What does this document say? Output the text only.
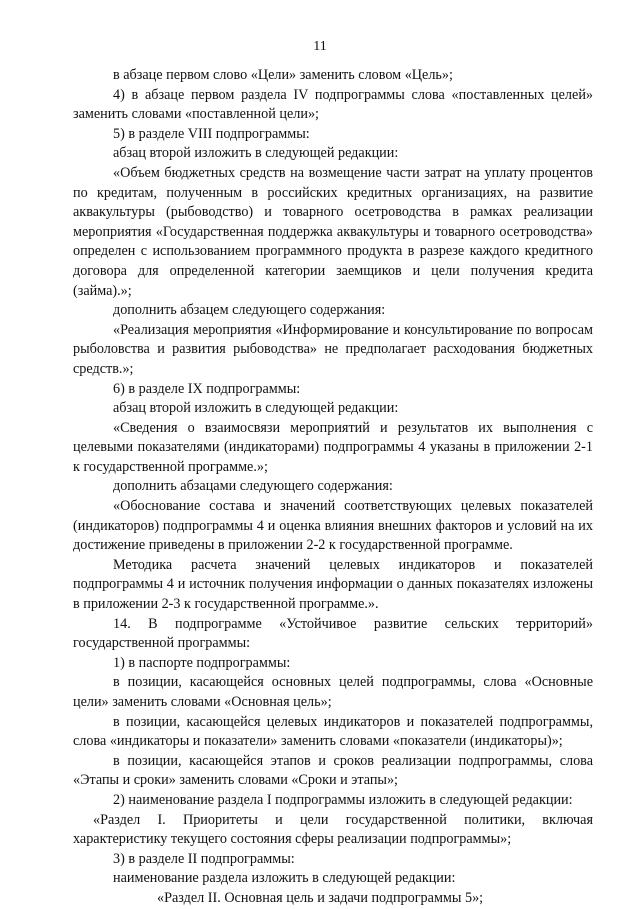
11

в абзаце первом слово «Цели» заменить словом «Цель»;

4) в абзаце первом раздела IV подпрограммы слова «поставленных целей» заменить словами «поставленной цели»;

5) в разделе VIII подпрограммы:

абзац второй изложить в следующей редакции:

«Объем бюджетных средств на возмещение части затрат на уплату процентов по кредитам, полученным в российских кредитных организациях, на развитие аквакультуры (рыбоводство) и товарного осетроводства в рамках реализации мероприятия «Государственная поддержка аквакультуры и товарного осетроводства» определен с использованием программного продукта в разрезе каждого кредитного договора для определенной категории заемщиков и цели получения кредита (займа).»;

дополнить абзацем следующего содержания:

«Реализация мероприятия «Информирование и консультирование по вопросам рыболовства и развития рыбоводства» не предполагает расходования бюджетных средств.»;

6) в разделе IX подпрограммы:

абзац второй изложить в следующей редакции:

«Сведения о взаимосвязи мероприятий и результатов их выполнения с целевыми показателями (индикаторами) подпрограммы 4 указаны в приложении 2-1 к государственной программе.»;

дополнить абзацами следующего содержания:

«Обоснование состава и значений соответствующих целевых показателей (индикаторов) подпрограммы 4 и оценка влияния внешних факторов и условий на их достижение приведены в приложении 2-2 к государственной программе.

Методика расчета значений целевых индикаторов и показателей подпрограммы 4 и источник получения информации о данных показателях изложены в приложении 2-3 к государственной программе.».

14. В подпрограмме «Устойчивое развитие сельских территорий» государственной программы:

1) в паспорте подпрограммы:

в позиции, касающейся основных целей подпрограммы, слова «Основные цели» заменить словами «Основная цель»;

в позиции, касающейся целевых индикаторов и показателей подпрограммы, слова «индикаторы и показатели» заменить словами «показатели (индикаторы)»;

в позиции, касающейся этапов и сроков реализации подпрограммы, слова «Этапы и сроки» заменить словами «Сроки и этапы»;

2) наименование раздела I подпрограммы изложить в следующей редакции:

«Раздел I. Приоритеты и цели государственной политики, включая характеристику текущего состояния сферы реализации подпрограммы»;

3) в разделе II подпрограммы:

наименование раздела изложить в следующей редакции:

«Раздел II. Основная цель и задачи подпрограммы 5»;
